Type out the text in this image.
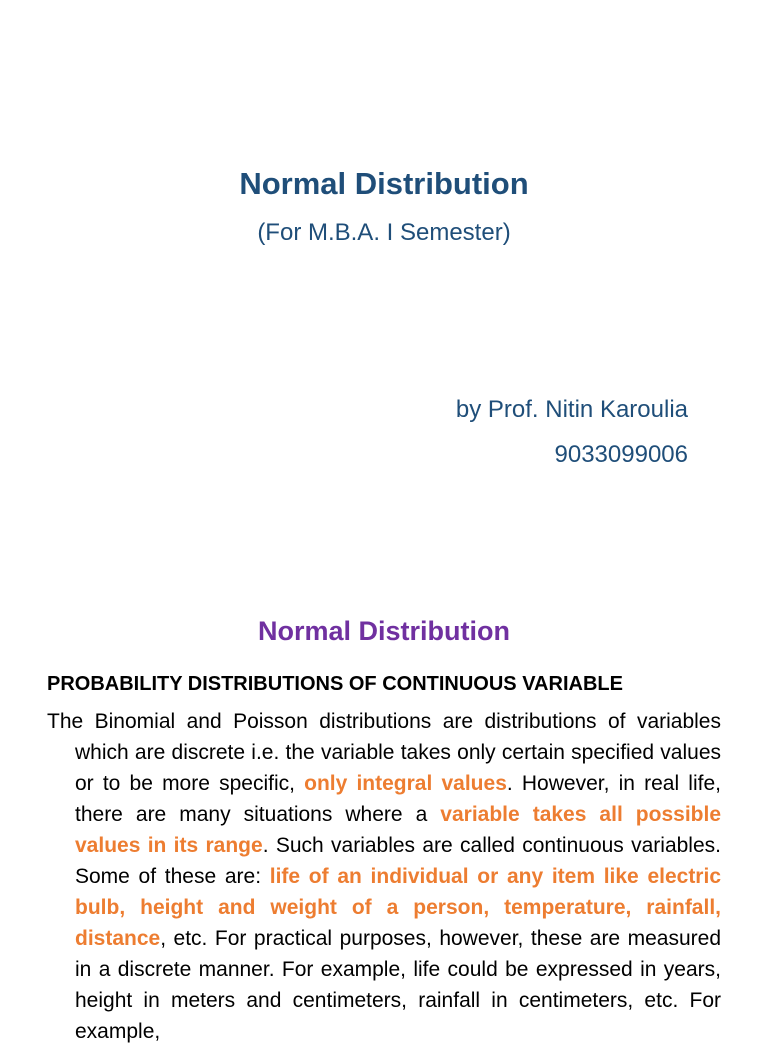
Normal Distribution
(For M.B.A. I Semester)
by Prof. Nitin Karoulia
9033099006
Normal Distribution
PROBABILITY DISTRIBUTIONS OF CONTINUOUS VARIABLE
The Binomial and Poisson distributions are distributions of variables which are discrete i.e. the variable takes only certain specified values or to be more specific, only integral values. However, in real life, there are many situations where a variable takes all possible values in its range. Such variables are called continuous variables. Some of these are: life of an individual or any item like electric bulb, height and weight of a person, temperature, rainfall, distance, etc. For practical purposes, however, these are measured in a discrete manner. For example, life could be expressed in years, height in meters and centimeters, rainfall in centimeters, etc. For example,
